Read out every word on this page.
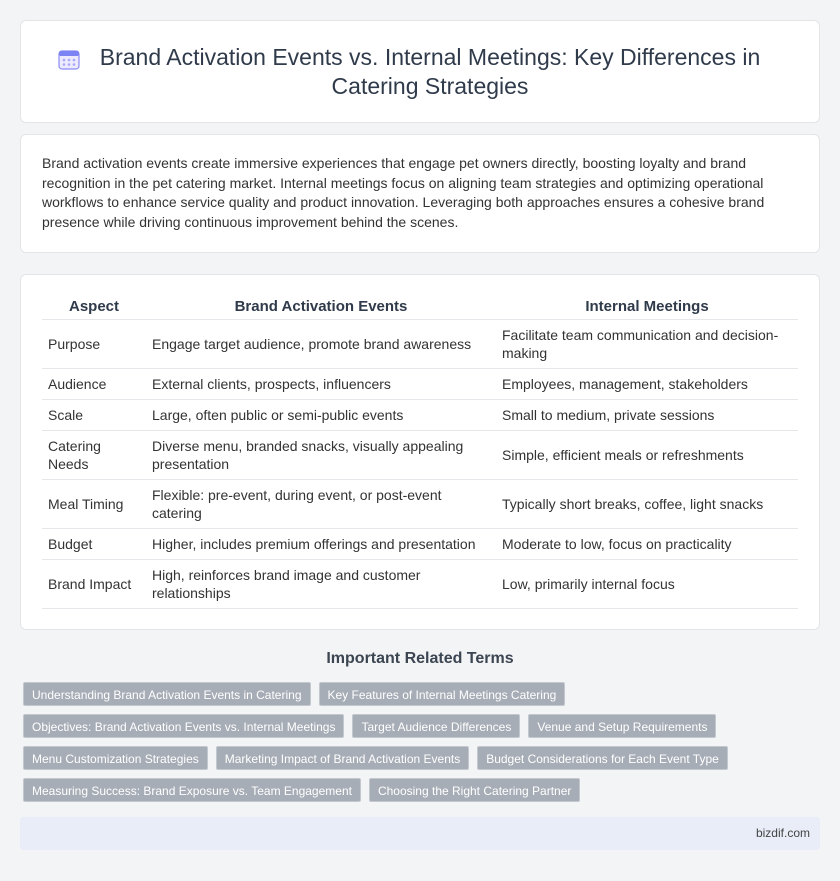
Brand Activation Events vs. Internal Meetings: Key Differences in Catering Strategies

Brand activation events create immersive experiences that engage pet owners directly, boosting loyalty and brand recognition in the pet catering market. Internal meetings focus on aligning team strategies and optimizing operational workflows to enhance service quality and product innovation. Leveraging both approaches ensures a cohesive brand presence while driving continuous improvement behind the scenes.

Aspect	Brand Activation Events	Internal Meetings
Purpose	Engage target audience, promote brand awareness	Facilitate team communication and decision-making
Audience	External clients, prospects, influencers	Employees, management, stakeholders
Scale	Large, often public or semi-public events	Small to medium, private sessions
Catering Needs	Diverse menu, branded snacks, visually appealing presentation	Simple, efficient meals or refreshments
Meal Timing	Flexible: pre-event, during event, or post-event catering	Typically short breaks, coffee, light snacks
Budget	Higher, includes premium offerings and presentation	Moderate to low, focus on practicality
Brand Impact	High, reinforces brand image and customer relationships	Low, primarily internal focus
Important Related Terms
Understanding Brand Activation Events in Catering	Key Features of Internal Meetings Catering
Objectives: Brand Activation Events vs. Internal Meetings	Target Audience Differences	Venue and Setup Requirements
Menu Customization Strategies	Marketing Impact of Brand Activation Events	Budget Considerations for Each Event Type
Measuring Success: Brand Exposure vs. Team Engagement	Choosing the Right Catering Partner
bizdif.com
